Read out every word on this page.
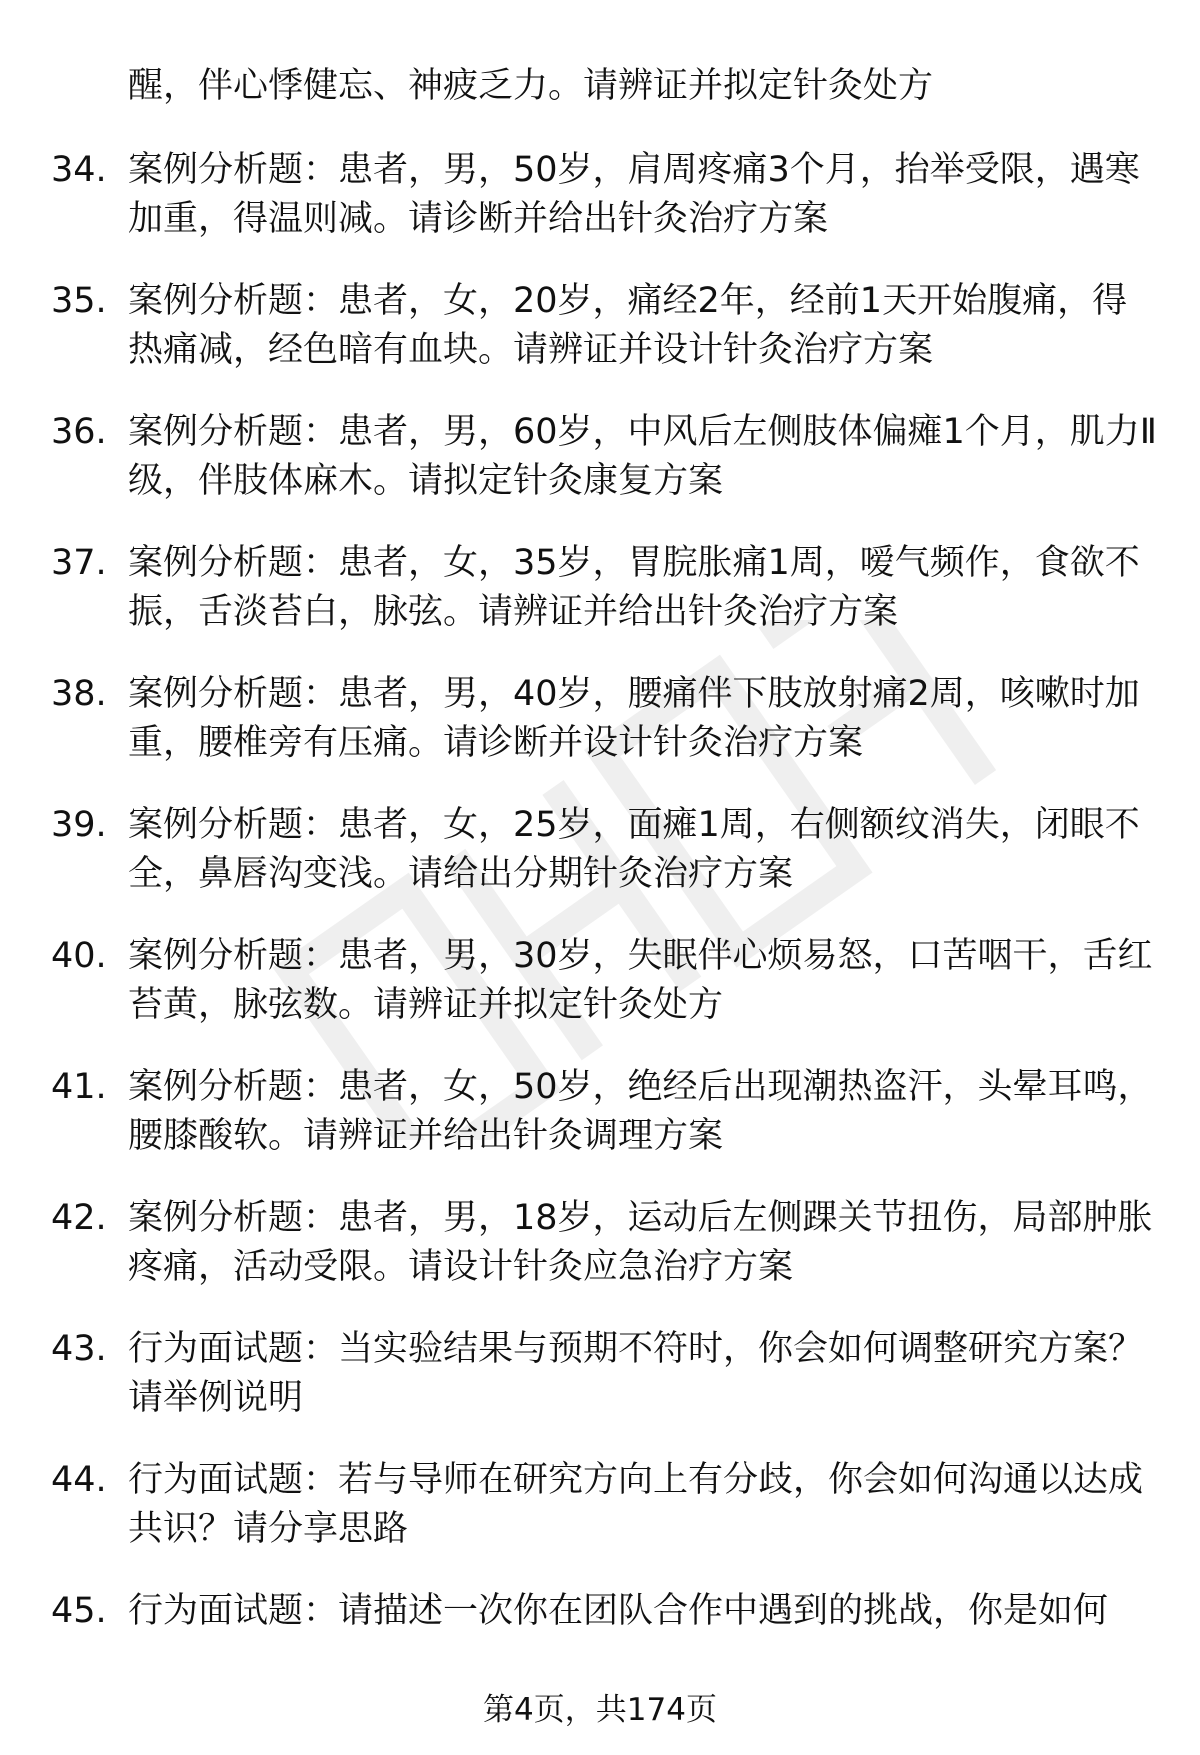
醒，伴心悸健忘、神疲乏力。请辨证并拟定针灸处方

34. 案例分析题：患者，男，50岁，肩周疼痛3个月，抬举受限，遇寒加重，得温则减。请诊断并给出针灸治疗方案

35. 案例分析题：患者，女，20岁，痛经2年，经前1天开始腹痛，得热痛减，经色暗有血块。请辨证并设计针灸治疗方案

36. 案例分析题：患者，男，60岁，中风后左侧肢体偏瘫1个月，肌力Ⅱ级，伴肢体麻木。请拟定针灸康复方案

37. 案例分析题：患者，女，35岁，胃脘胀痛1周，嗳气频作，食欲不振，舌淡苔白，脉弦。请辨证并给出针灸治疗方案

38. 案例分析题：患者，男，40岁，腰痛伴下肢放射痛2周，咳嗽时加重，腰椎旁有压痛。请诊断并设计针灸治疗方案

39. 案例分析题：患者，女，25岁，面瘫1周，右侧额纹消失，闭眼不全，鼻唇沟变浅。请给出分期针灸治疗方案

40. 案例分析题：患者，男，30岁，失眠伴心烦易怒，口苦咽干，舌红苔黄，脉弦数。请辨证并拟定针灸处方

41. 案例分析题：患者，女，50岁，绝经后出现潮热盗汗，头晕耳鸣，腰膝酸软。请辨证并给出针灸调理方案

42. 案例分析题：患者，男，18岁，运动后左侧踝关节扭伤，局部肿胀疼痛，活动受限。请设计针灸应急治疗方案

43. 行为面试题：当实验结果与预期不符时，你会如何调整研究方案？请举例说明

44. 行为面试题：若与导师在研究方向上有分歧，你会如何沟通以达成共识？请分享思路

45. 行为面试题：请描述一次你在团队合作中遇到的挑战，你是如何

第4页，共174页
